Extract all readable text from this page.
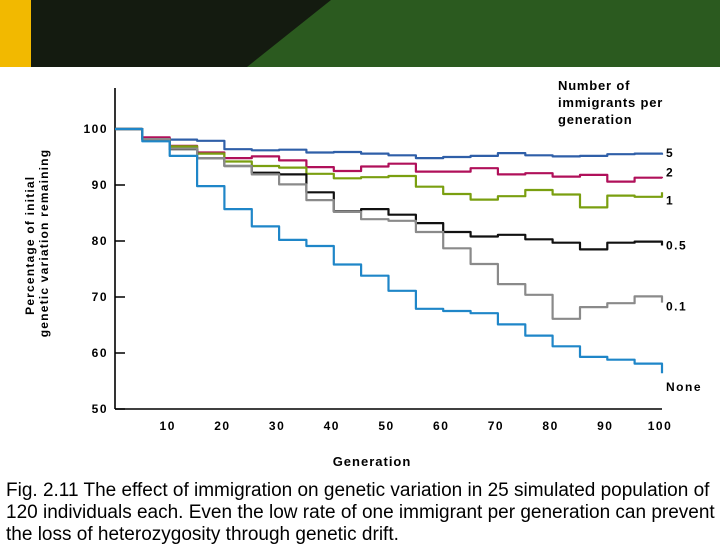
50
60
70
80
90
100
10	20	30	40	50	60	70	80	90	100
5
2
1
0.5
0.1
None
Percentage of initial genetic variation remaining
Generation
Number of immigrants per generation

Fig. 2.11 The effect of immigration on genetic variation in 25 simulated population of 120 individuals each. Even the low rate of one immigrant per generation can prevent the loss of heterozygosity through genetic drift.
